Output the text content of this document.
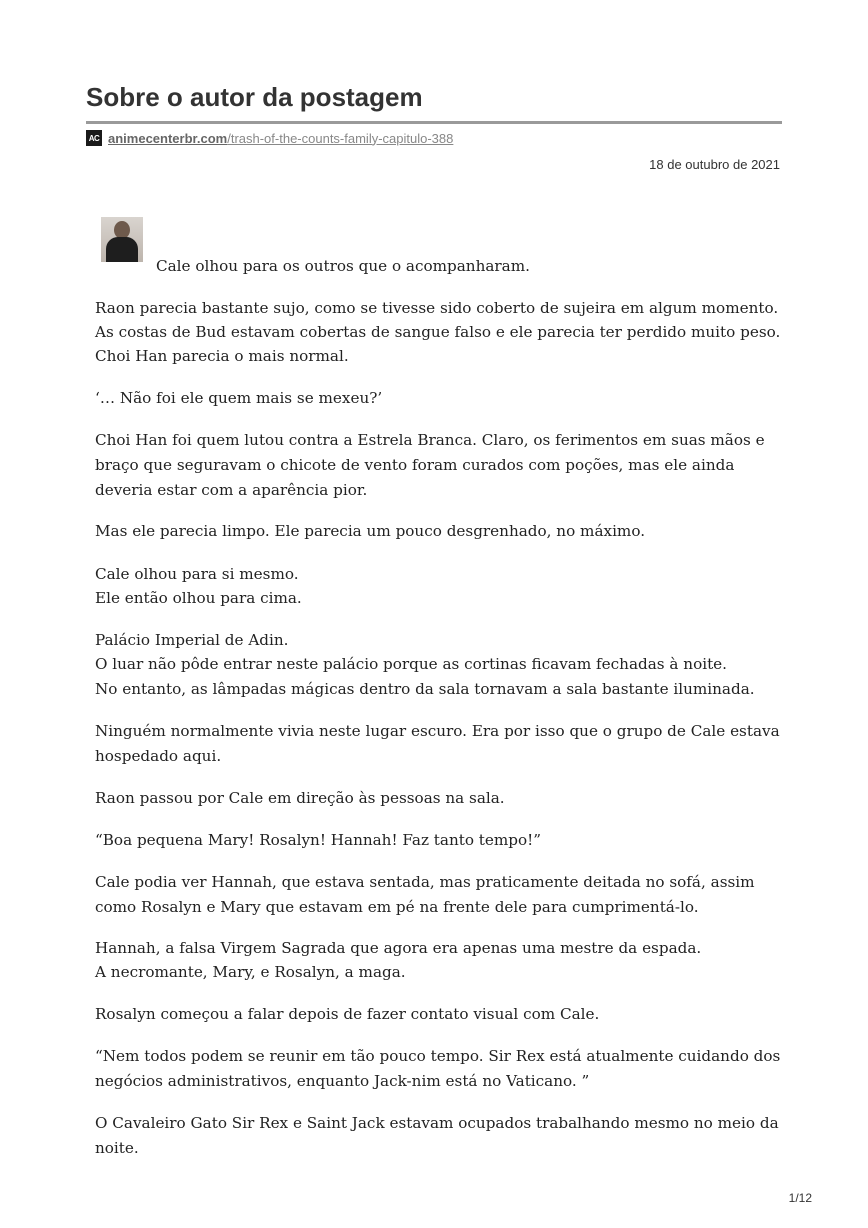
Sobre o autor da postagem
AC animecenterbr.com /trash-of-the-counts-family-capitulo-388
18 de outubro de 2021

Cale olhou para os outros que o acompanharam.

Raon parecia bastante sujo, como se tivesse sido coberto de sujeira em algum momento.

As costas de Bud estavam cobertas de sangue falso e ele parecia ter perdido muito peso.

Choi Han parecia o mais normal.

‘… Não foi ele quem mais se mexeu?’

Choi Han foi quem lutou contra a Estrela Branca. Claro, os ferimentos em suas mãos e

braço que seguravam o chicote de vento foram curados com poções, mas ele ainda

deveria estar com a aparência pior.

Mas ele parecia limpo. Ele parecia um pouco desgrenhado, no máximo.

Cale olhou para si mesmo.

Ele então olhou para cima.

Palácio Imperial de Adin.

O luar não pôde entrar neste palácio porque as cortinas ficavam fechadas à noite.

No entanto, as lâmpadas mágicas dentro da sala tornavam a sala bastante iluminada.

Ninguém normalmente vivia neste lugar escuro. Era por isso que o grupo de Cale estava

hospedado aqui.

Raon passou por Cale em direção às pessoas na sala.

“Boa pequena Mary! Rosalyn! Hannah! Faz tanto tempo!”

Cale podia ver Hannah, que estava sentada, mas praticamente deitada no sofá, assim

como Rosalyn e Mary que estavam em pé na frente dele para cumprimentá-lo.

Hannah, a falsa Virgem Sagrada que agora era apenas uma mestre da espada.

A necromante, Mary, e Rosalyn, a maga.

Rosalyn começou a falar depois de fazer contato visual com Cale.

“Nem todos podem se reunir em tão pouco tempo. Sir Rex está atualmente cuidando dos

negócios administrativos, enquanto Jack-nim está no Vaticano. ”

O Cavaleiro Gato Sir Rex e Saint Jack estavam ocupados trabalhando mesmo no meio da

noite.

1/12
